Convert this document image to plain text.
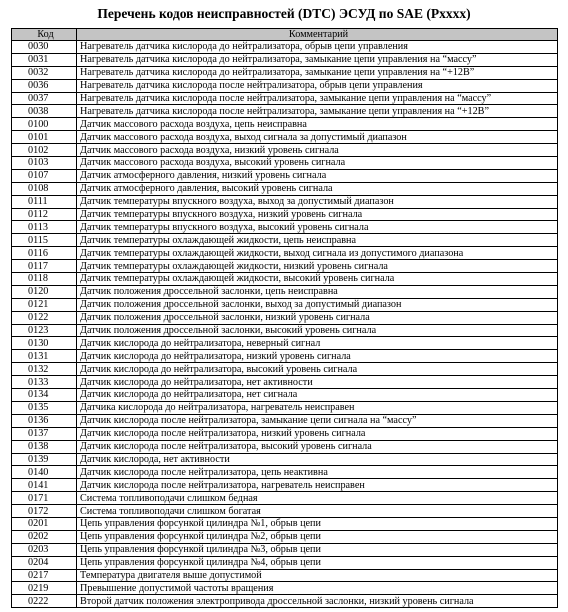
Перечень кодов неисправностей (DTC) ЭСУД по SAE (Pxxxx)
Код	Комментарий
0030	Нагреватель датчика кислорода до нейтрализатора, обрыв цепи управления
0031	Нагреватель датчика кислорода до нейтрализатора, замыкание цепи управления на “массу”
0032	Нагреватель датчика кислорода до нейтрализатора, замыкание цепи управления на “+12В”
0036	Нагреватель датчика кислорода после нейтрализатора, обрыв цепи управления
0037	Нагреватель датчика кислорода после нейтрализатора, замыкание цепи управления на “массу”
0038	Нагреватель датчика кислорода после нейтрализатора, замыкание цепи управления на “+12В”
0100	Датчик массового расхода воздуха, цепь неисправна
0101	Датчик массового расхода воздуха, выход сигнала за допустимый диапазон
0102	Датчик массового расхода воздуха, низкий уровень сигнала
0103	Датчик массового расхода воздуха, высокий уровень сигнала
0107	Датчик атмосферного давления, низкий уровень сигнала
0108	Датчик атмосферного давления, высокий уровень сигнала
0111	Датчик температуры впускного воздуха, выход за допустимый диапазон
0112	Датчик температуры впускного воздуха, низкий уровень сигнала
0113	Датчик температуры впускного воздуха, высокий уровень сигнала
0115	Датчик температуры охлаждающей жидкости, цепь неисправна
0116	Датчик температуры охлаждающей жидкости, выход сигнала из допустимого диапазона
0117	Датчик температуры охлаждающей жидкости, низкий уровень сигнала
0118	Датчик температуры охлаждающей жидкости, высокий уровень сигнала
0120	Датчик положения дроссельной заслонки, цепь неисправна
0121	Датчик положения дроссельной заслонки, выход за допустимый диапазон
0122	Датчик положения дроссельной заслонки, низкий уровень сигнала
0123	Датчик положения дроссельной заслонки, высокий уровень сигнала
0130	Датчик кислорода до нейтрализатора, неверный сигнал
0131	Датчик кислорода до нейтрализатора, низкий уровень сигнала
0132	Датчик кислорода до нейтрализатора, высокий уровень сигнала
0133	Датчик кислорода до нейтрализатора, нет активности
0134	Датчик кислорода до нейтрализатора, нет сигнала
0135	Датчика кислорода до нейтрализатора, нагреватель неисправен
0136	Датчик кислорода после нейтрализатора, замыкание цепи сигнала на “массу”
0137	Датчик кислорода после нейтрализатора, низкий уровень сигнала
0138	Датчик кислорода после нейтрализатора, высокий уровень сигнала
0139	Датчик кислорода, нет активности
0140	Датчик кислорода после нейтрализатора, цепь неактивна
0141	Датчик кислорода после нейтрализатора, нагреватель неисправен
0171	Система топливоподачи слишком бедная
0172	Система топливоподачи слишком богатая
0201	Цепь управления форсункой цилиндра №1, обрыв цепи
0202	Цепь управления форсункой цилиндра №2, обрыв цепи
0203	Цепь управления форсункой цилиндра №3, обрыв цепи
0204	Цепь управления форсункой цилиндра №4, обрыв цепи
0217	Температура двигателя выше допустимой
0219	Превышение допустимой частоты вращения
0222	Второй датчик положения электропривода дроссельной заслонки, низкий уровень сигнала
